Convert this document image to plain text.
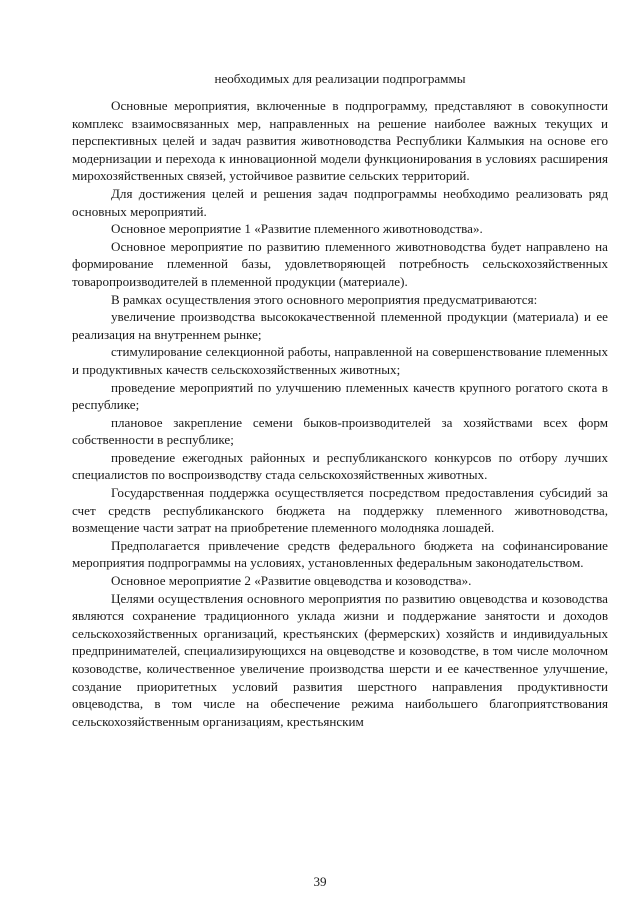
необходимых для реализации подпрограммы

Основные мероприятия, включенные в подпрограмму, представляют в совокупности комплекс взаимосвязанных мер, направленных на решение наиболее важных текущих и перспективных целей и задач развития животноводства Республики Калмыкия на основе его модернизации и перехода к инновационной модели функционирования в условиях расширения мирохозяйственных связей, устойчивое развитие сельских территорий.

Для достижения целей и решения задач подпрограммы необходимо реализовать ряд основных мероприятий.

Основное мероприятие 1 «Развитие племенного животноводства».

Основное мероприятие по развитию племенного животноводства будет направлено на формирование племенной базы, удовлетворяющей потребность сельскохозяйственных товаропроизводителей в племенной продукции (материале).

В рамках осуществления этого основного мероприятия предусматриваются:

увеличение производства высококачественной племенной продукции (материала) и ее реализация на внутреннем рынке;

стимулирование селекционной работы, направленной на совершенствование племенных и продуктивных качеств сельскохозяйственных животных;

проведение мероприятий по улучшению племенных качеств крупного рогатого скота в республике;

плановое закрепление семени быков-производителей за хозяйствами всех форм собственности в республике;

проведение ежегодных районных и республиканского конкурсов по отбору лучших специалистов по воспроизводству стада сельскохозяйственных животных.

Государственная поддержка осуществляется посредством предоставления субсидий за счет средств республиканского бюджета на поддержку племенного животноводства, возмещение части затрат на приобретение племенного молодняка лошадей.

Предполагается привлечение средств федерального бюджета на софинансирование мероприятия подпрограммы на условиях, установленных федеральным законодательством.

Основное мероприятие 2 «Развитие овцеводства и козоводства».

Целями осуществления основного мероприятия по развитию овцеводства и козоводства являются сохранение традиционного уклада жизни и поддержание занятости и доходов сельскохозяйственных организаций, крестьянских (фермерских) хозяйств и индивидуальных предпринимателей, специализирующихся на овцеводстве и козоводстве, в том числе молочном козоводстве, количественное увеличение производства шерсти и ее качественное улучшение, создание приоритетных условий развития шерстного направления продуктивности овцеводства, в том числе на обеспечение режима наибольшего благоприятствования сельскохозяйственным организациям, крестьянским

39
